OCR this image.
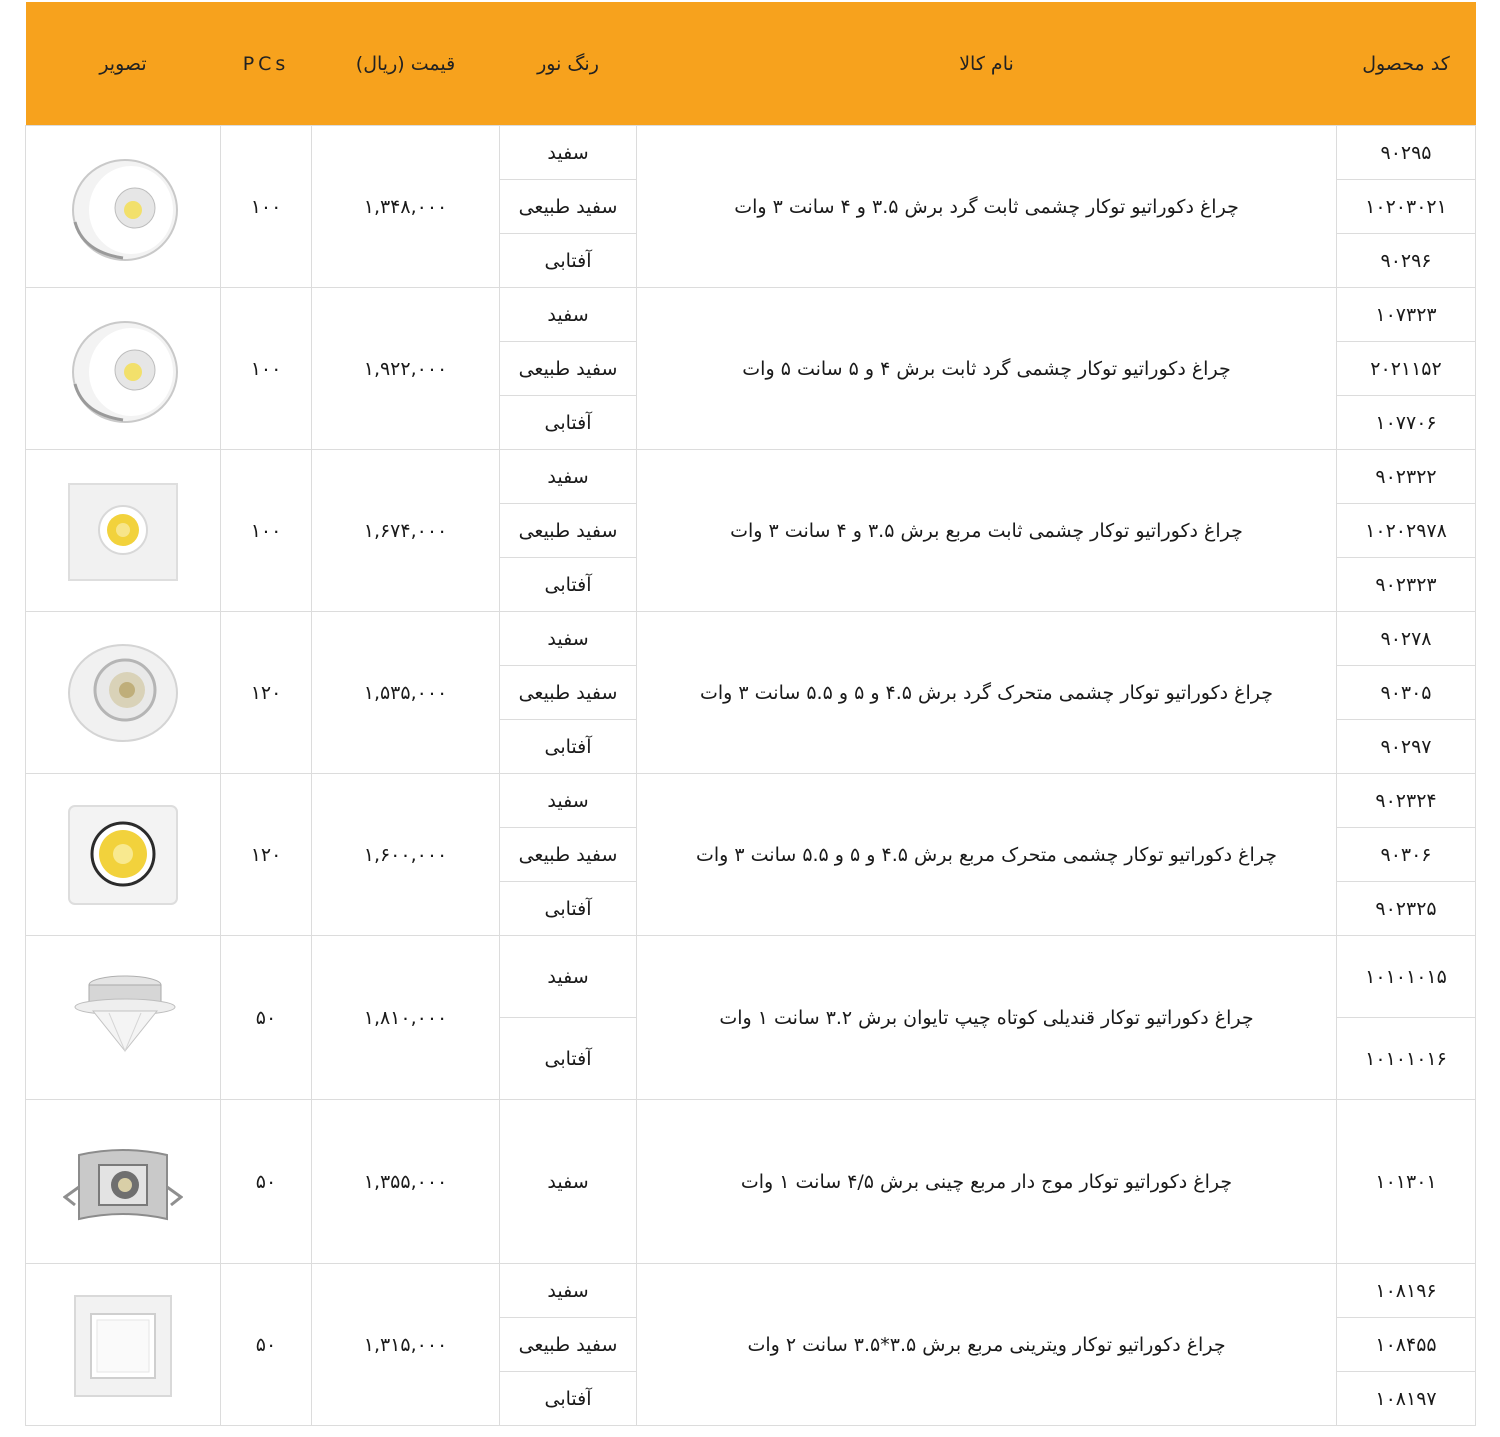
کد محصول	نام کالا	رنگ نور	قیمت (ریال)	PCs	تصویر
۹۰۲۹۵	چراغ دکوراتیو توکار چشمی ثابت گرد برش ۳.۵ و ۴ سانت ۳ وات	سفید	۱,۳۴۸,۰۰۰	۱۰۰	

۱۰۲۰۳۰۲۱		سفید طبیعی			
۹۰۲۹۶		آفتابی			
۱۰۷۳۲۳	چراغ دکوراتیو توکار چشمی گرد ثابت برش ۴ و ۵ سانت ۵ وات	سفید	۱,۹۲۲,۰۰۰	۱۰۰	

۲۰۲۱۱۵۲		سفید طبیعی			
۱۰۷۷۰۶		آفتابی			
۹۰۲۳۲۲	چراغ دکوراتیو توکار چشمی ثابت مربع برش ۳.۵ و ۴ سانت ۳ وات	سفید	۱,۶۷۴,۰۰۰	۱۰۰	

۱۰۲۰۲۹۷۸		سفید طبیعی			
۹۰۲۳۲۳		آفتابی			
۹۰۲۷۸	چراغ دکوراتیو توکار چشمی متحرک گرد برش ۴.۵ و ۵ و ۵.۵ سانت ۳ وات	سفید	۱,۵۳۵,۰۰۰	۱۲۰	

۹۰۳۰۵		سفید طبیعی			
۹۰۲۹۷		آفتابی			
۹۰۲۳۲۴	چراغ دکوراتیو توکار چشمی متحرک مربع برش ۴.۵ و ۵ و ۵.۵ سانت ۳ وات	سفید	۱,۶۰۰,۰۰۰	۱۲۰	

۹۰۳۰۶		سفید طبیعی			
۹۰۲۳۲۵		آفتابی			
۱۰۱۰۱۰۱۵	چراغ دکوراتیو توکار قندیلی کوتاه چیپ تایوان برش ۳.۲ سانت ۱ وات	سفید	۱,۸۱۰,۰۰۰	۵۰	

۱۰۱۰۱۰۱۶		آفتابی			
۱۰۱۳۰۱	چراغ دکوراتیو توکار موج دار مربع چینی برش ۴/۵ سانت ۱ وات	سفید	۱,۳۵۵,۰۰۰	۵۰	

۱۰۸۱۹۶	چراغ دکوراتیو توکار ویترینی مربع برش ۳.۵*۳.۵ سانت ۲ وات	سفید	۱,۳۱۵,۰۰۰	۵۰	

۱۰۸۴۵۵		سفید طبیعی			
۱۰۸۱۹۷		آفتابی			
